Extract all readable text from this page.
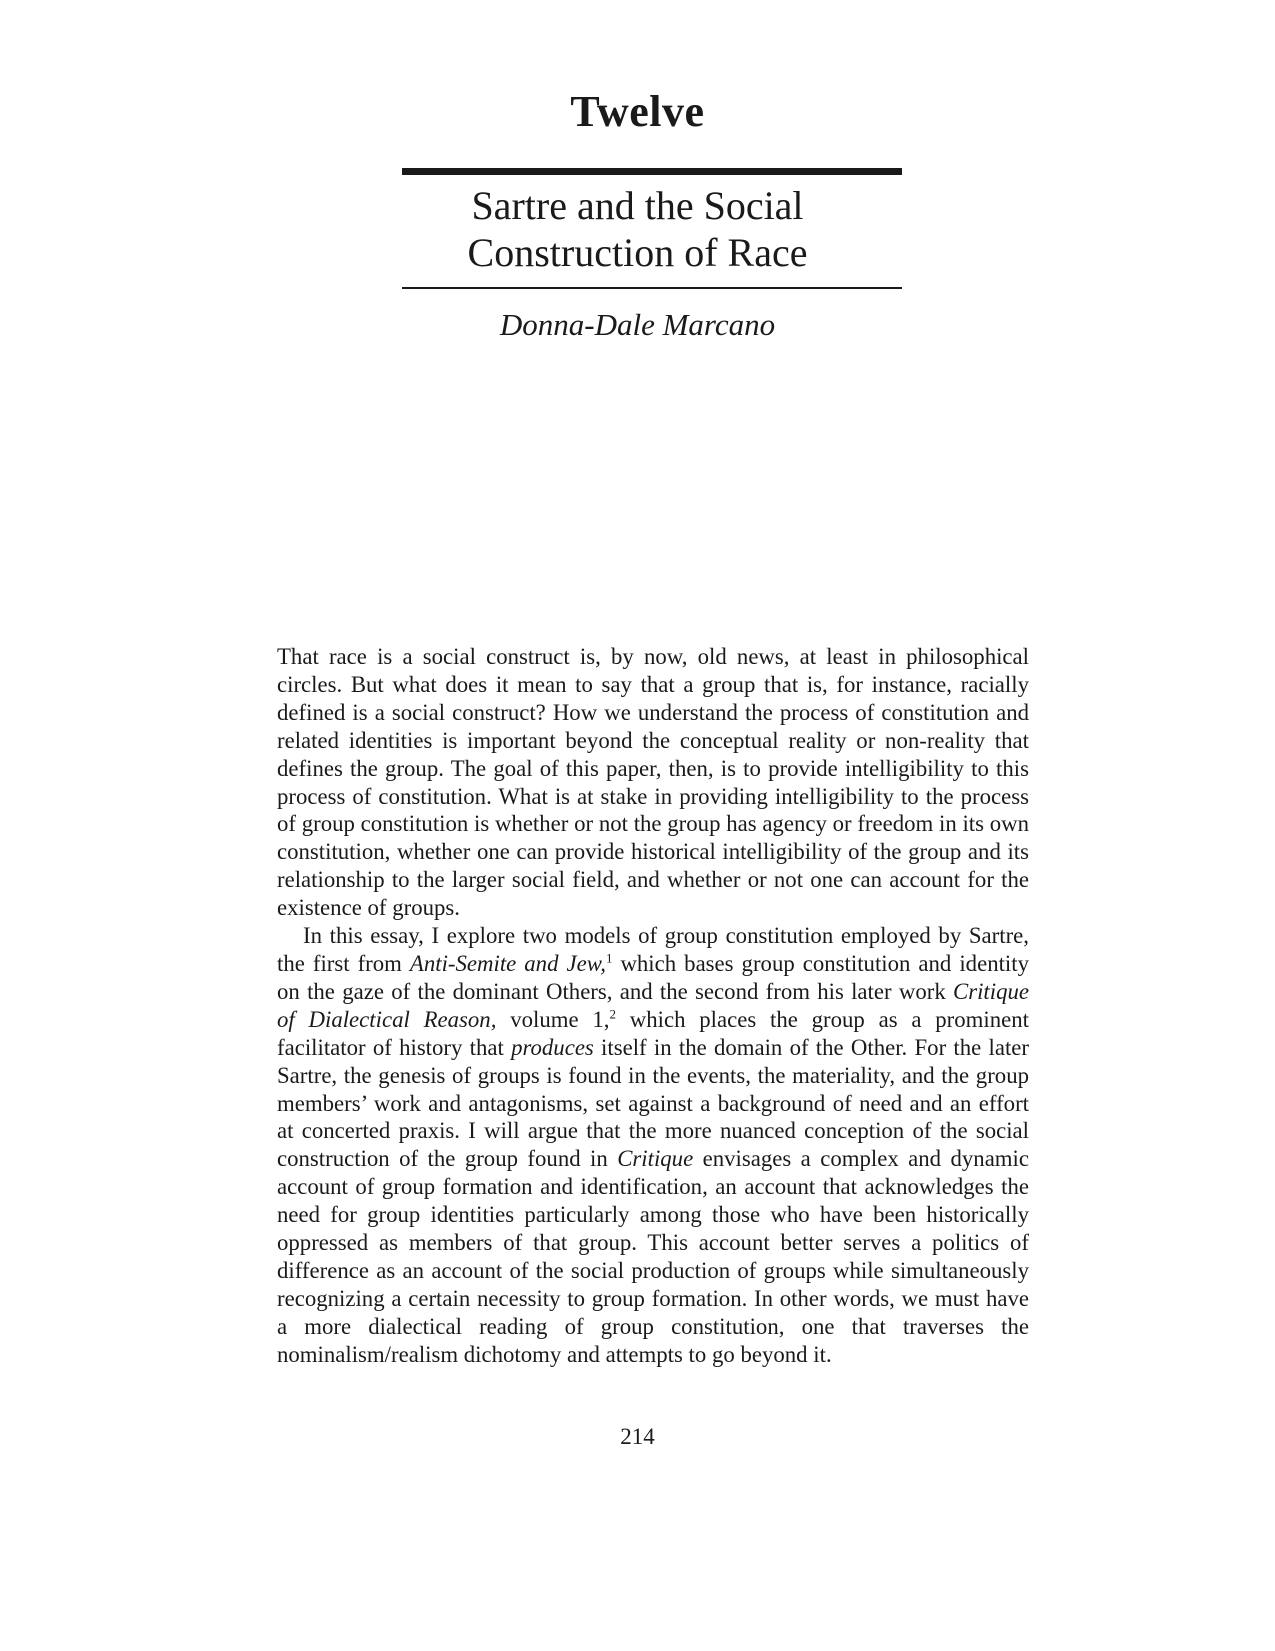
Twelve
Sartre and the Social
Construction of Race
Donna-Dale Marcano

That race is a social construct is, by now, old news, at least in philosophical circles. But what does it mean to say that a group that is, for instance, racially defined is a social construct? How we understand the process of constitution and related identities is important beyond the conceptual reality or non-reality that defines the group. The goal of this paper, then, is to provide intelligibility to this process of constitution. What is at stake in providing intelligibility to the process of group constitution is whether or not the group has agency or freedom in its own constitution, whether one can provide historical intelligibility of the group and its relationship to the larger social field, and whether or not one can account for the existence of groups.

In this essay, I explore two models of group constitution employed by Sartre, the first from Anti-Semite and Jew,$^1$ which bases group constitution and identity on the gaze of the dominant Others, and the second from his later work Critique of Dialectical Reason, volume 1,$^2$ which places the group as a prominent facilitator of history that produces itself in the domain of the Other. For the later Sartre, the genesis of groups is found in the events, the materiality, and the group members’ work and antagonisms, set against a background of need and an effort at concerted praxis. I will argue that the more nuanced conception of the social construction of the group found in Critique envisages a complex and dynamic account of group formation and identification, an account that acknowledges the need for group identities particularly among those who have been historically oppressed as members of that group. This account better serves a politics of difference as an account of the social production of groups while simultaneously recognizing a certain necessity to group formation. In other words, we must have a more dialectical reading of group constitution, one that traverses the nominalism/realism dichotomy and attempts to go beyond it.

214
